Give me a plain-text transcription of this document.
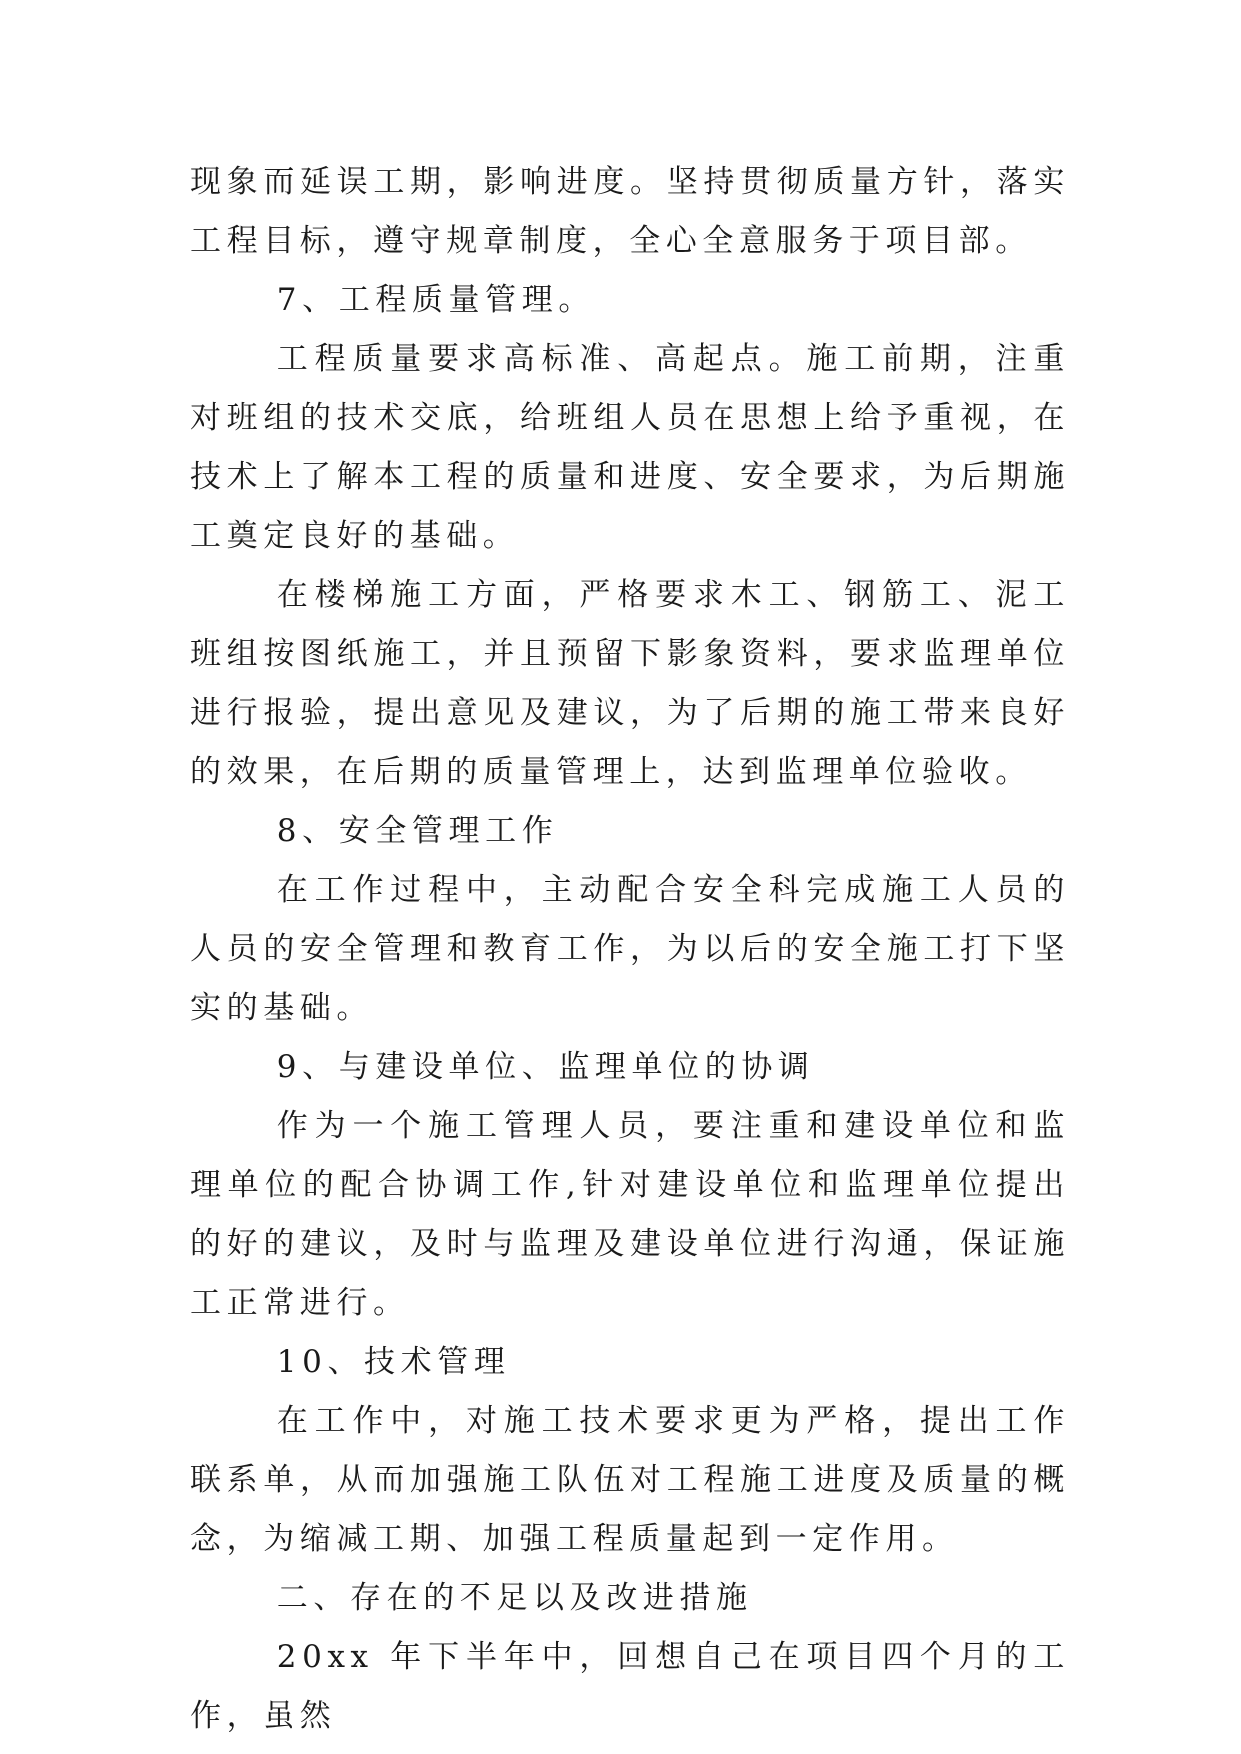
现象而延误工期，影响进度。坚持贯彻质量方针，落实工程目标，遵守规章制度，全心全意服务于项目部。

7、工程质量管理。

工程质量要求高标准、高起点。施工前期，注重对班组的技术交底，给班组人员在思想上给予重视，在技术上了解本工程的质量和进度、安全要求，为后期施工奠定良好的基础。

在楼梯施工方面，严格要求木工、钢筋工、泥工班组按图纸施工，并且预留下影象资料，要求监理单位进行报验，提出意见及建议，为了后期的施工带来良好的效果，在后期的质量管理上，达到监理单位验收。

8、安全管理工作

在工作过程中，主动配合安全科完成施工人员的人员的安全管理和教育工作，为以后的安全施工打下坚实的基础。

9、与建设单位、监理单位的协调

作为一个施工管理人员，要注重和建设单位和监理单位的配合协调工作,针对建设单位和监理单位提出的好的建议，及时与监理及建设单位进行沟通，保证施工正常进行。

10、技术管理

在工作中，对施工技术要求更为严格，提出工作联系单，从而加强施工队伍对工程施工进度及质量的概念，为缩减工期、加强工程质量起到一定作用。

二、存在的不足以及改进措施

20xx 年下半年中，回想自己在项目四个月的工作，虽然
